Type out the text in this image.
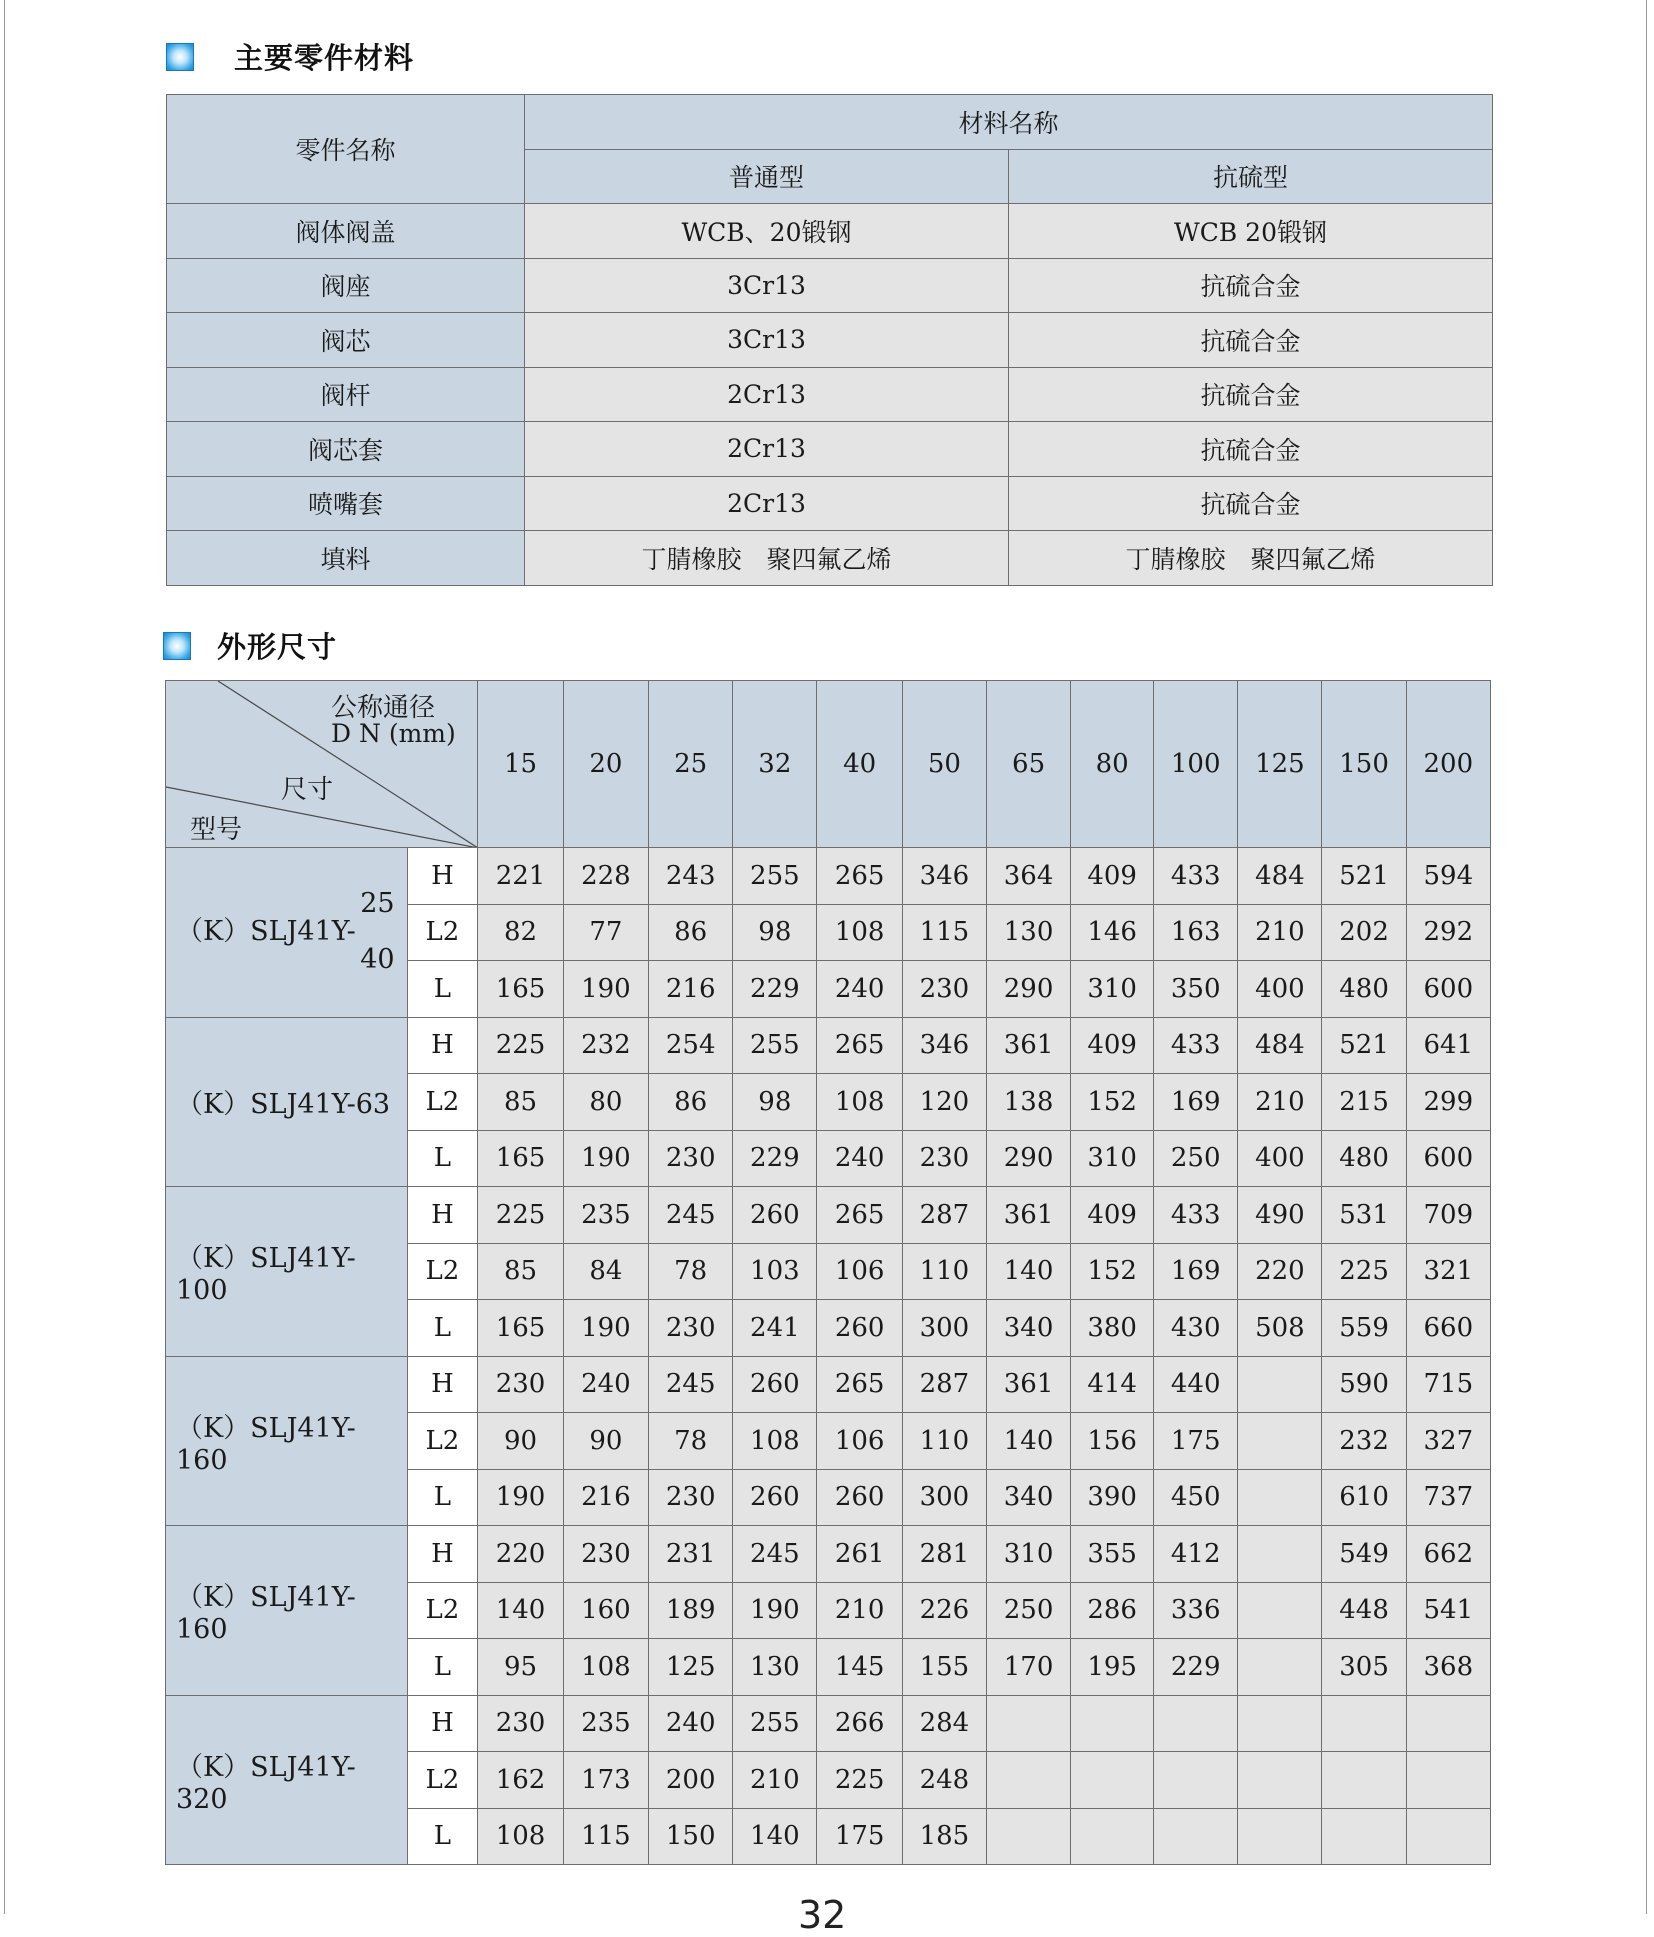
主要零件材料
零件名称	材料名称	
	普通型	抗硫型
阀体阀盖	WCB、20锻钢	WCB 20锻钢
阀座	3Cr13	抗硫合金
阀芯	3Cr13	抗硫合金
阀杆	2Cr13	抗硫合金
阀芯套	2Cr13	抗硫合金
喷嘴套	2Cr13	抗硫合金
填料	丁腈橡胶　聚四氟乙烯	丁腈橡胶　聚四氟乙烯
外形尺寸
公称通径
D N (mm)
尺寸
型号		15	20	25	32	40	50	65	80	100	125	150	200

25
（K）SLJ41Y-
40	H	221	228	243	255	265	346	364	409	433	484	521	594
	L2	82	77	86	98	108	115	130	146	163	210	202	292
	L	165	190	216	229	240	230	290	310	350	400	480	600
（K）SLJ41Y-63	H	225	232	254	255	265	346	361	409	433	484	521	641
	L2	85	80	86	98	108	120	138	152	169	210	215	299
	L	165	190	230	229	240	230	290	310	250	400	480	600
（K）SLJ41Y-100	H	225	235	245	260	265	287	361	409	433	490	531	709
	L2	85	84	78	103	106	110	140	152	169	220	225	321
	L	165	190	230	241	260	300	340	380	430	508	559	660
（K）SLJ41Y-160	H	230	240	245	260	265	287	361	414	440		590	715
	L2	90	90	78	108	106	110	140	156	175		232	327
	L	190	216	230	260	260	300	340	390	450		610	737
（K）SLJ41Y-160	H	220	230	231	245	261	281	310	355	412		549	662
	L2	140	160	189	190	210	226	250	286	336		448	541
	L	95	108	125	130	145	155	170	195	229		305	368
（K）SLJ41Y-320	H	230	235	240	255	266	284						
	L2	162	173	200	210	225	248						
	L	108	115	150	140	175	185						
32
